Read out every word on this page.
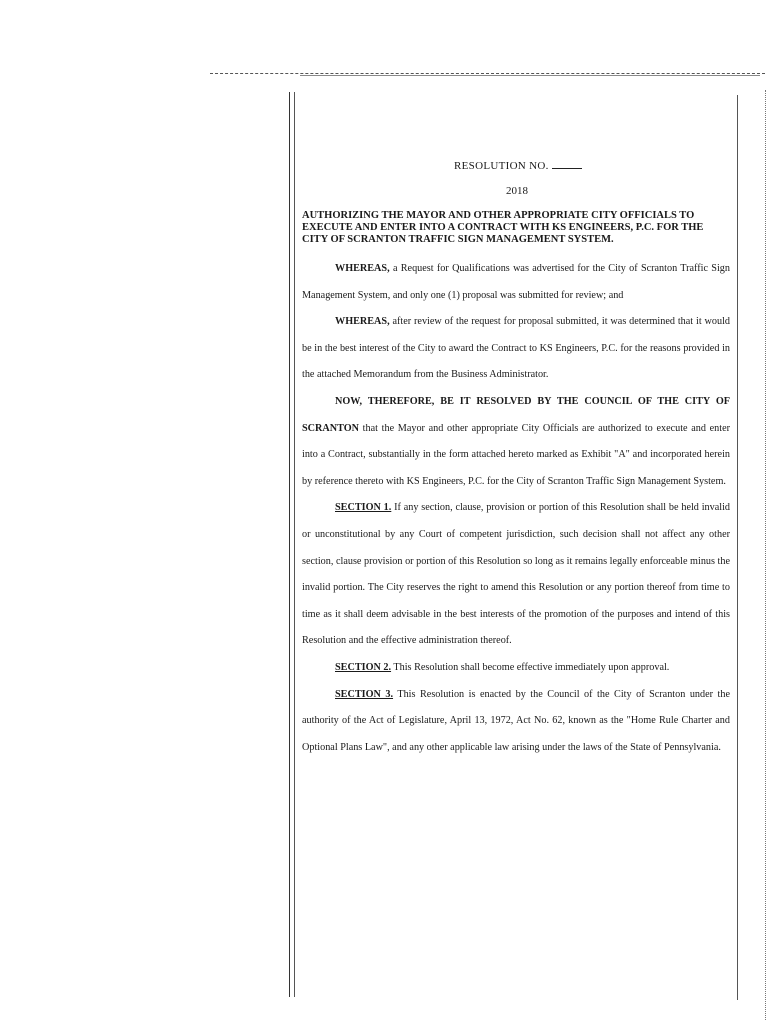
RESOLUTION NO.
2018
AUTHORIZING THE MAYOR AND OTHER APPROPRIATE CITY OFFICIALS TO EXECUTE AND ENTER INTO A CONTRACT WITH KS ENGINEERS, P.C. FOR THE CITY OF SCRANTON TRAFFIC SIGN MANAGEMENT SYSTEM.

WHEREAS, a Request for Qualifications was advertised for the City of Scranton Traffic Sign Management System, and only one (1) proposal was submitted for review; and

WHEREAS, after review of the request for proposal submitted, it was determined that it would be in the best interest of the City to award the Contract to KS Engineers, P.C. for the reasons provided in the attached Memorandum from the Business Administrator.

NOW, THEREFORE, BE IT RESOLVED BY THE COUNCIL OF THE CITY OF SCRANTON that the Mayor and other appropriate City Officials are authorized to execute and enter into a Contract, substantially in the form attached hereto marked as Exhibit "A" and incorporated herein by reference thereto with KS Engineers, P.C. for the City of Scranton Traffic Sign Management System.

SECTION 1. If any section, clause, provision or portion of this Resolution shall be held invalid or unconstitutional by any Court of competent jurisdiction, such decision shall not affect any other section, clause provision or portion of this Resolution so long as it remains legally enforceable minus the invalid portion. The City reserves the right to amend this Resolution or any portion thereof from time to time as it shall deem advisable in the best interests of the promotion of the purposes and intend of this Resolution and the effective administration thereof.

SECTION 2. This Resolution shall become effective immediately upon approval.

SECTION 3. This Resolution is enacted by the Council of the City of Scranton under the authority of the Act of Legislature, April 13, 1972, Act No. 62, known as the "Home Rule Charter and Optional Plans Law", and any other applicable law arising under the laws of the State of Pennsylvania.
